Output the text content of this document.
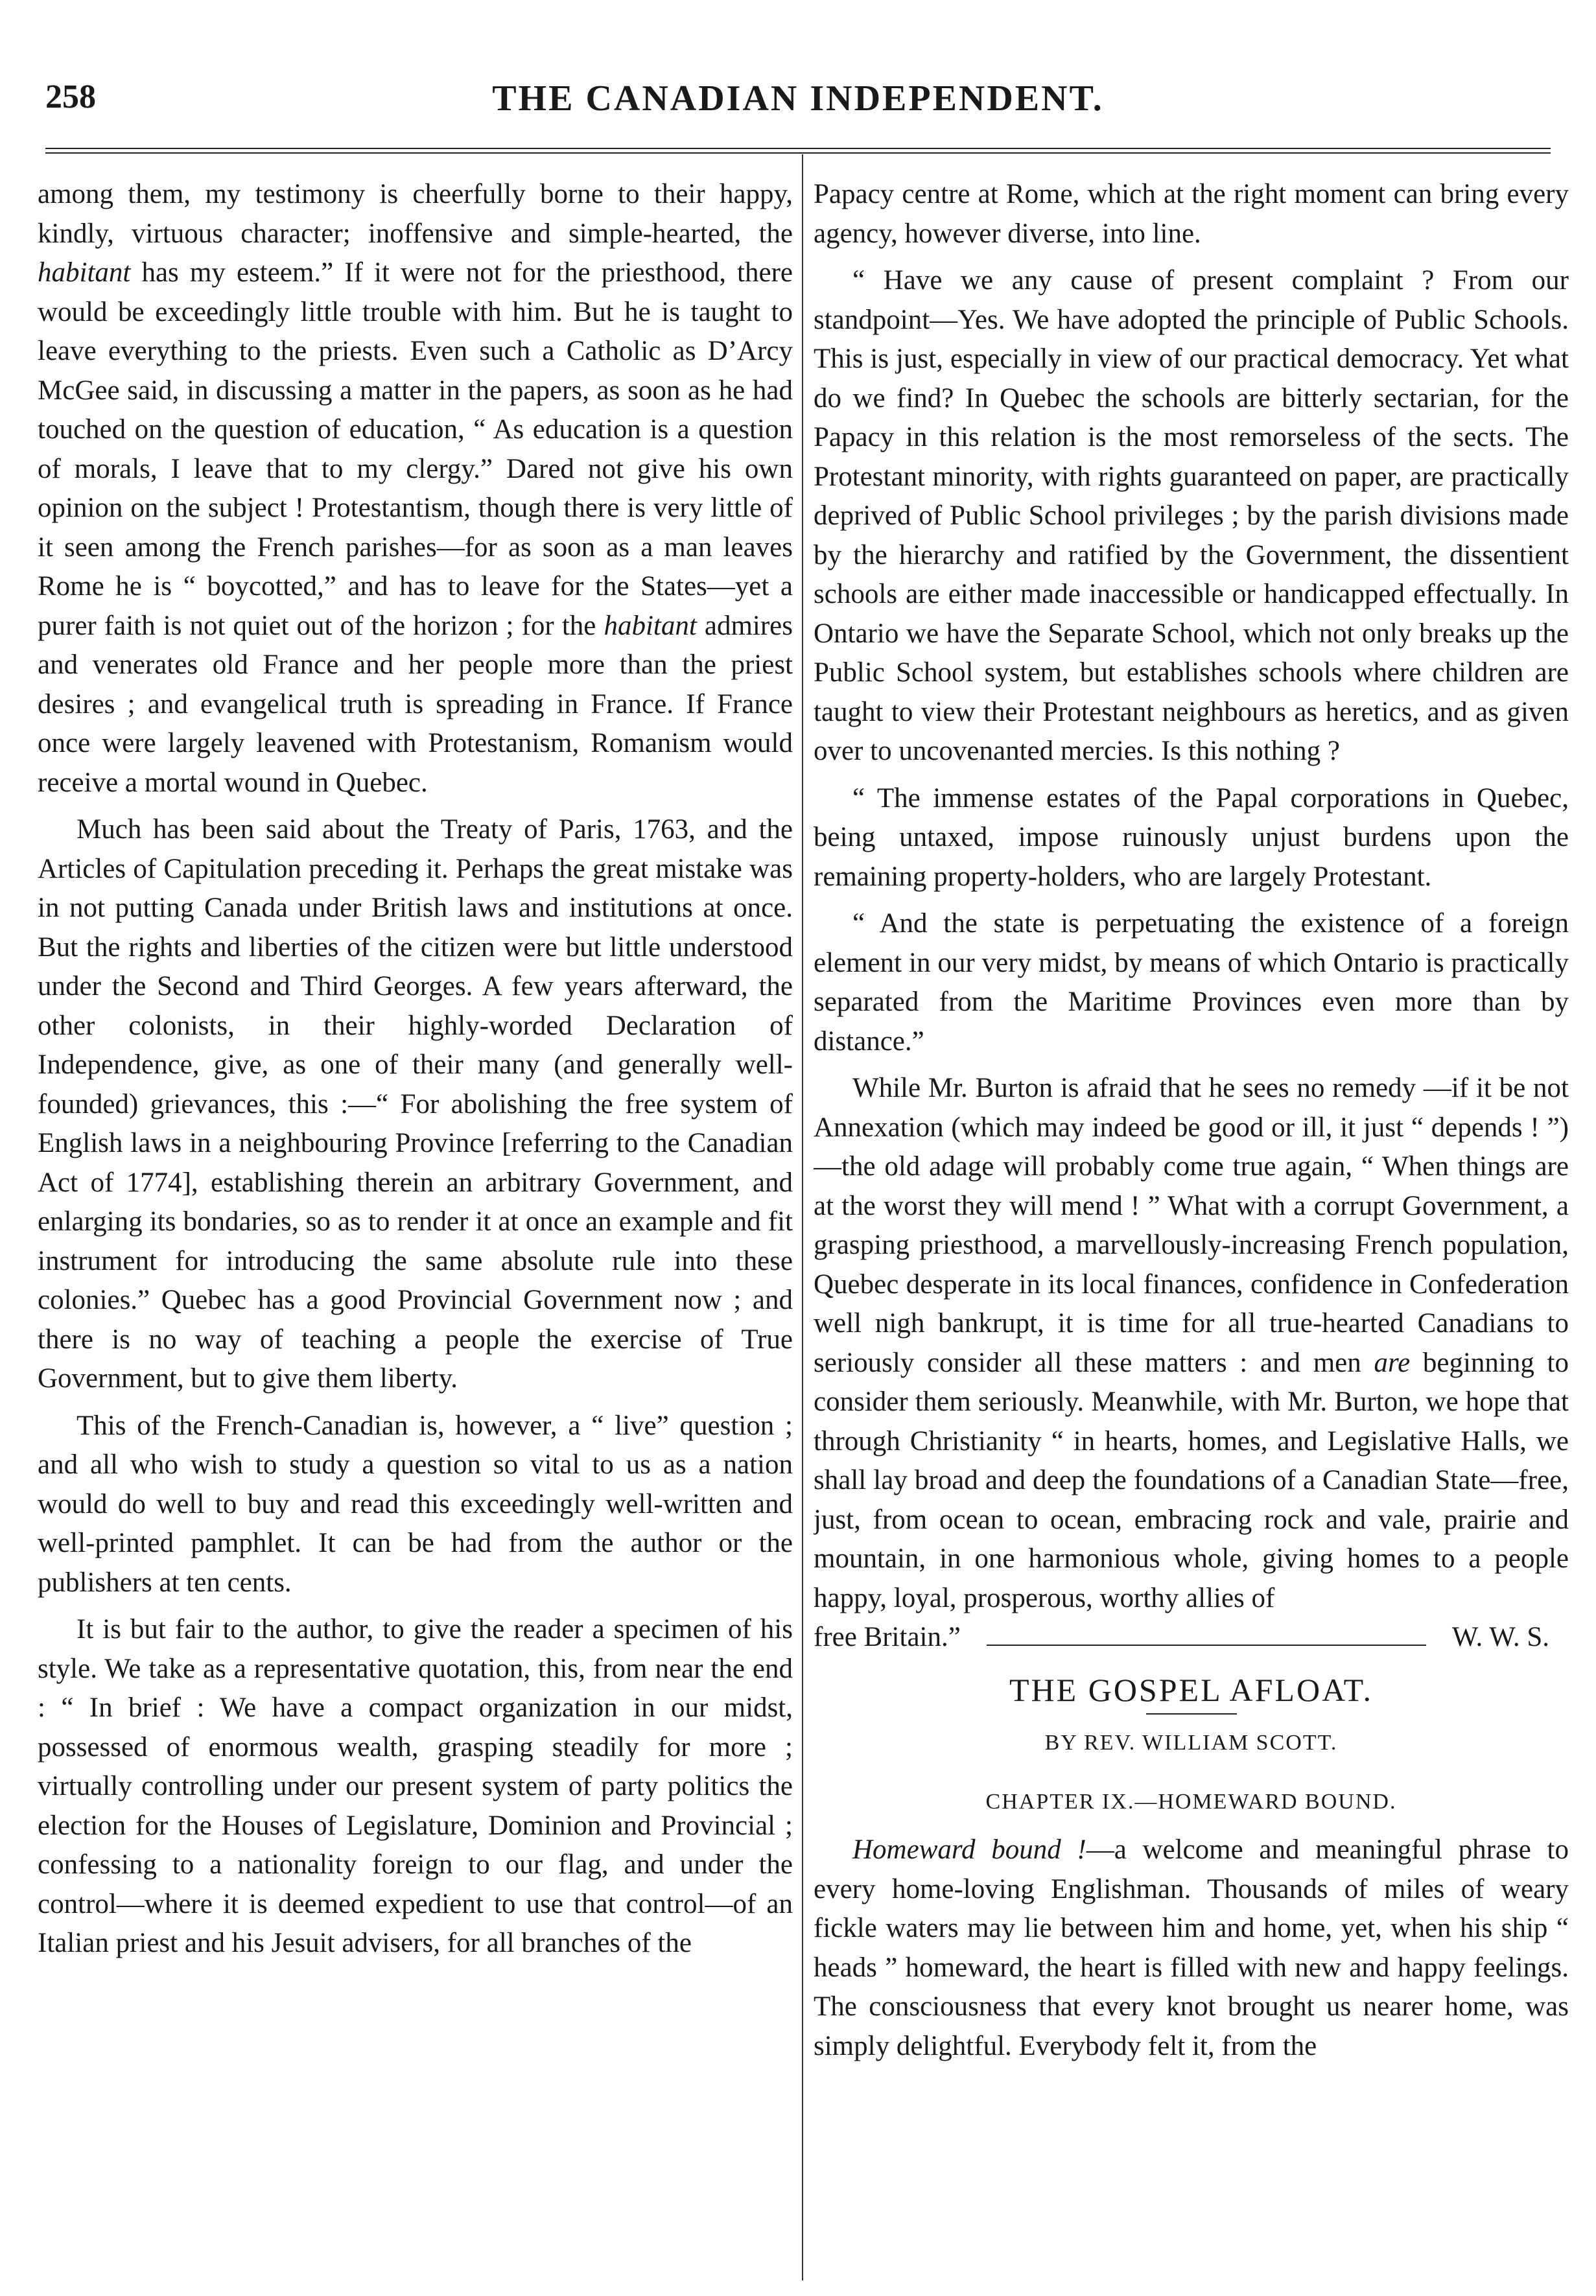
258	THE CANADIAN INDEPENDENT.

among them, my testimony is cheerfully borne to their happy, kindly, virtuous character; inoffensive and simple-hearted, the habitant has my esteem.” If it were not for the priesthood, there would be exceedingly little trouble with him. But he is taught to leave everything to the priests. Even such a Catholic as D’Arcy McGee said, in discussing a matter in the papers, as soon as he had touched on the question of education, “ As education is a question of morals, I leave that to my clergy.” Dared not give his own opinion on the subject ! Protestantism, though there is very little of it seen among the French parishes—for as soon as a man leaves Rome he is “ boycotted,” and has to leave for the States—yet a purer faith is not quiet out of the horizon ; for the habitant admires and venerates old France and her people more than the priest desires ; and evangelical truth is spreading in France. If France once were largely leavened with Protestanism, Romanism would receive a mortal wound in Quebec.

Much has been said about the Treaty of Paris, 1763, and the Articles of Capitulation preceding it. Perhaps the great mistake was in not putting Canada under British laws and institutions at once. But the rights and liberties of the citizen were but little understood under the Second and Third Georges. A few years afterward, the other colonists, in their highly-worded Declaration of Independence, give, as one of their many (and generally well-founded) grievances, this :—“ For abolishing the free system of English laws in a neighbouring Province [referring to the Canadian Act of 1774], establishing therein an arbitrary Government, and enlarging its bondaries, so as to render it at once an example and fit instrument for introducing the same absolute rule into these colonies.” Quebec has a good Provincial Government now ; and there is no way of teaching a people the exercise of True Government, but to give them liberty.

This of the French-Canadian is, however, a “ live” question ; and all who wish to study a question so vital to us as a nation would do well to buy and read this exceedingly well-written and well-printed pamphlet. It can be had from the author or the publishers at ten cents.

It is but fair to the author, to give the reader a specimen of his style. We take as a representative quotation, this, from near the end : “ In brief : We have a compact organization in our midst, possessed of enormous wealth, grasping steadily for more ; virtually controlling under our present system of party politics the election for the Houses of Legislature, Dominion and Provincial ; confessing to a nationality foreign to our flag, and under the control—where it is deemed expedient to use that control—of an Italian priest and his Jesuit advisers, for all branches of the

Papacy centre at Rome, which at the right moment can bring every agency, however diverse, into line.

“ Have we any cause of present complaint ? From our standpoint—Yes. We have adopted the principle of Public Schools. This is just, especially in view of our practical democracy. Yet what do we find? In Quebec the schools are bitterly sectarian, for the Papacy in this relation is the most remorseless of the sects. The Protestant minority, with rights guaranteed on paper, are practically deprived of Public School privileges ; by the parish divisions made by the hierarchy and ratified by the Government, the dissentient schools are either made inaccessible or handicapped effectually. In Ontario we have the Separate School, which not only breaks up the Public School system, but establishes schools where children are taught to view their Protestant neighbours as heretics, and as given over to uncovenanted mercies. Is this nothing ?

“ The immense estates of the Papal corporations in Quebec, being untaxed, impose ruinously unjust burdens upon the remaining property-holders, who are largely Protestant.

“ And the state is perpetuating the existence of a foreign element in our very midst, by means of which Ontario is practically separated from the Maritime Provinces even more than by distance.”

While Mr. Burton is afraid that he sees no remedy —if it be not Annexation (which may indeed be good or ill, it just “ depends ! ”)—the old adage will probably come true again, “ When things are at the worst they will mend ! ” What with a corrupt Government, a grasping priesthood, a marvellously-increasing French population, Quebec desperate in its local finances, confidence in Confederation well nigh bankrupt, it is time for all true-hearted Canadians to seriously consider all these matters : and men are beginning to consider them seriously. Meanwhile, with Mr. Burton, we hope that through Christianity “ in hearts, homes, and Legislative Halls, we shall lay broad and deep the foundations of a Canadian State—free, just, from ocean to ocean, embracing rock and vale, prairie and mountain, in one harmonious whole, giving homes to a people happy, loyal, prosperous, worthy allies of

free Britain.”	W. W. S.
THE GOSPEL AFLOAT.
BY REV. WILLIAM SCOTT.
CHAPTER IX.—HOMEWARD BOUND.

Homeward bound !—a welcome and meaningful phrase to every home-loving Englishman. Thousands of miles of weary fickle waters may lie between him and home, yet, when his ship “ heads ” homeward, the heart is filled with new and happy feelings. The consciousness that every knot brought us nearer home, was simply delightful. Everybody felt it, from the
